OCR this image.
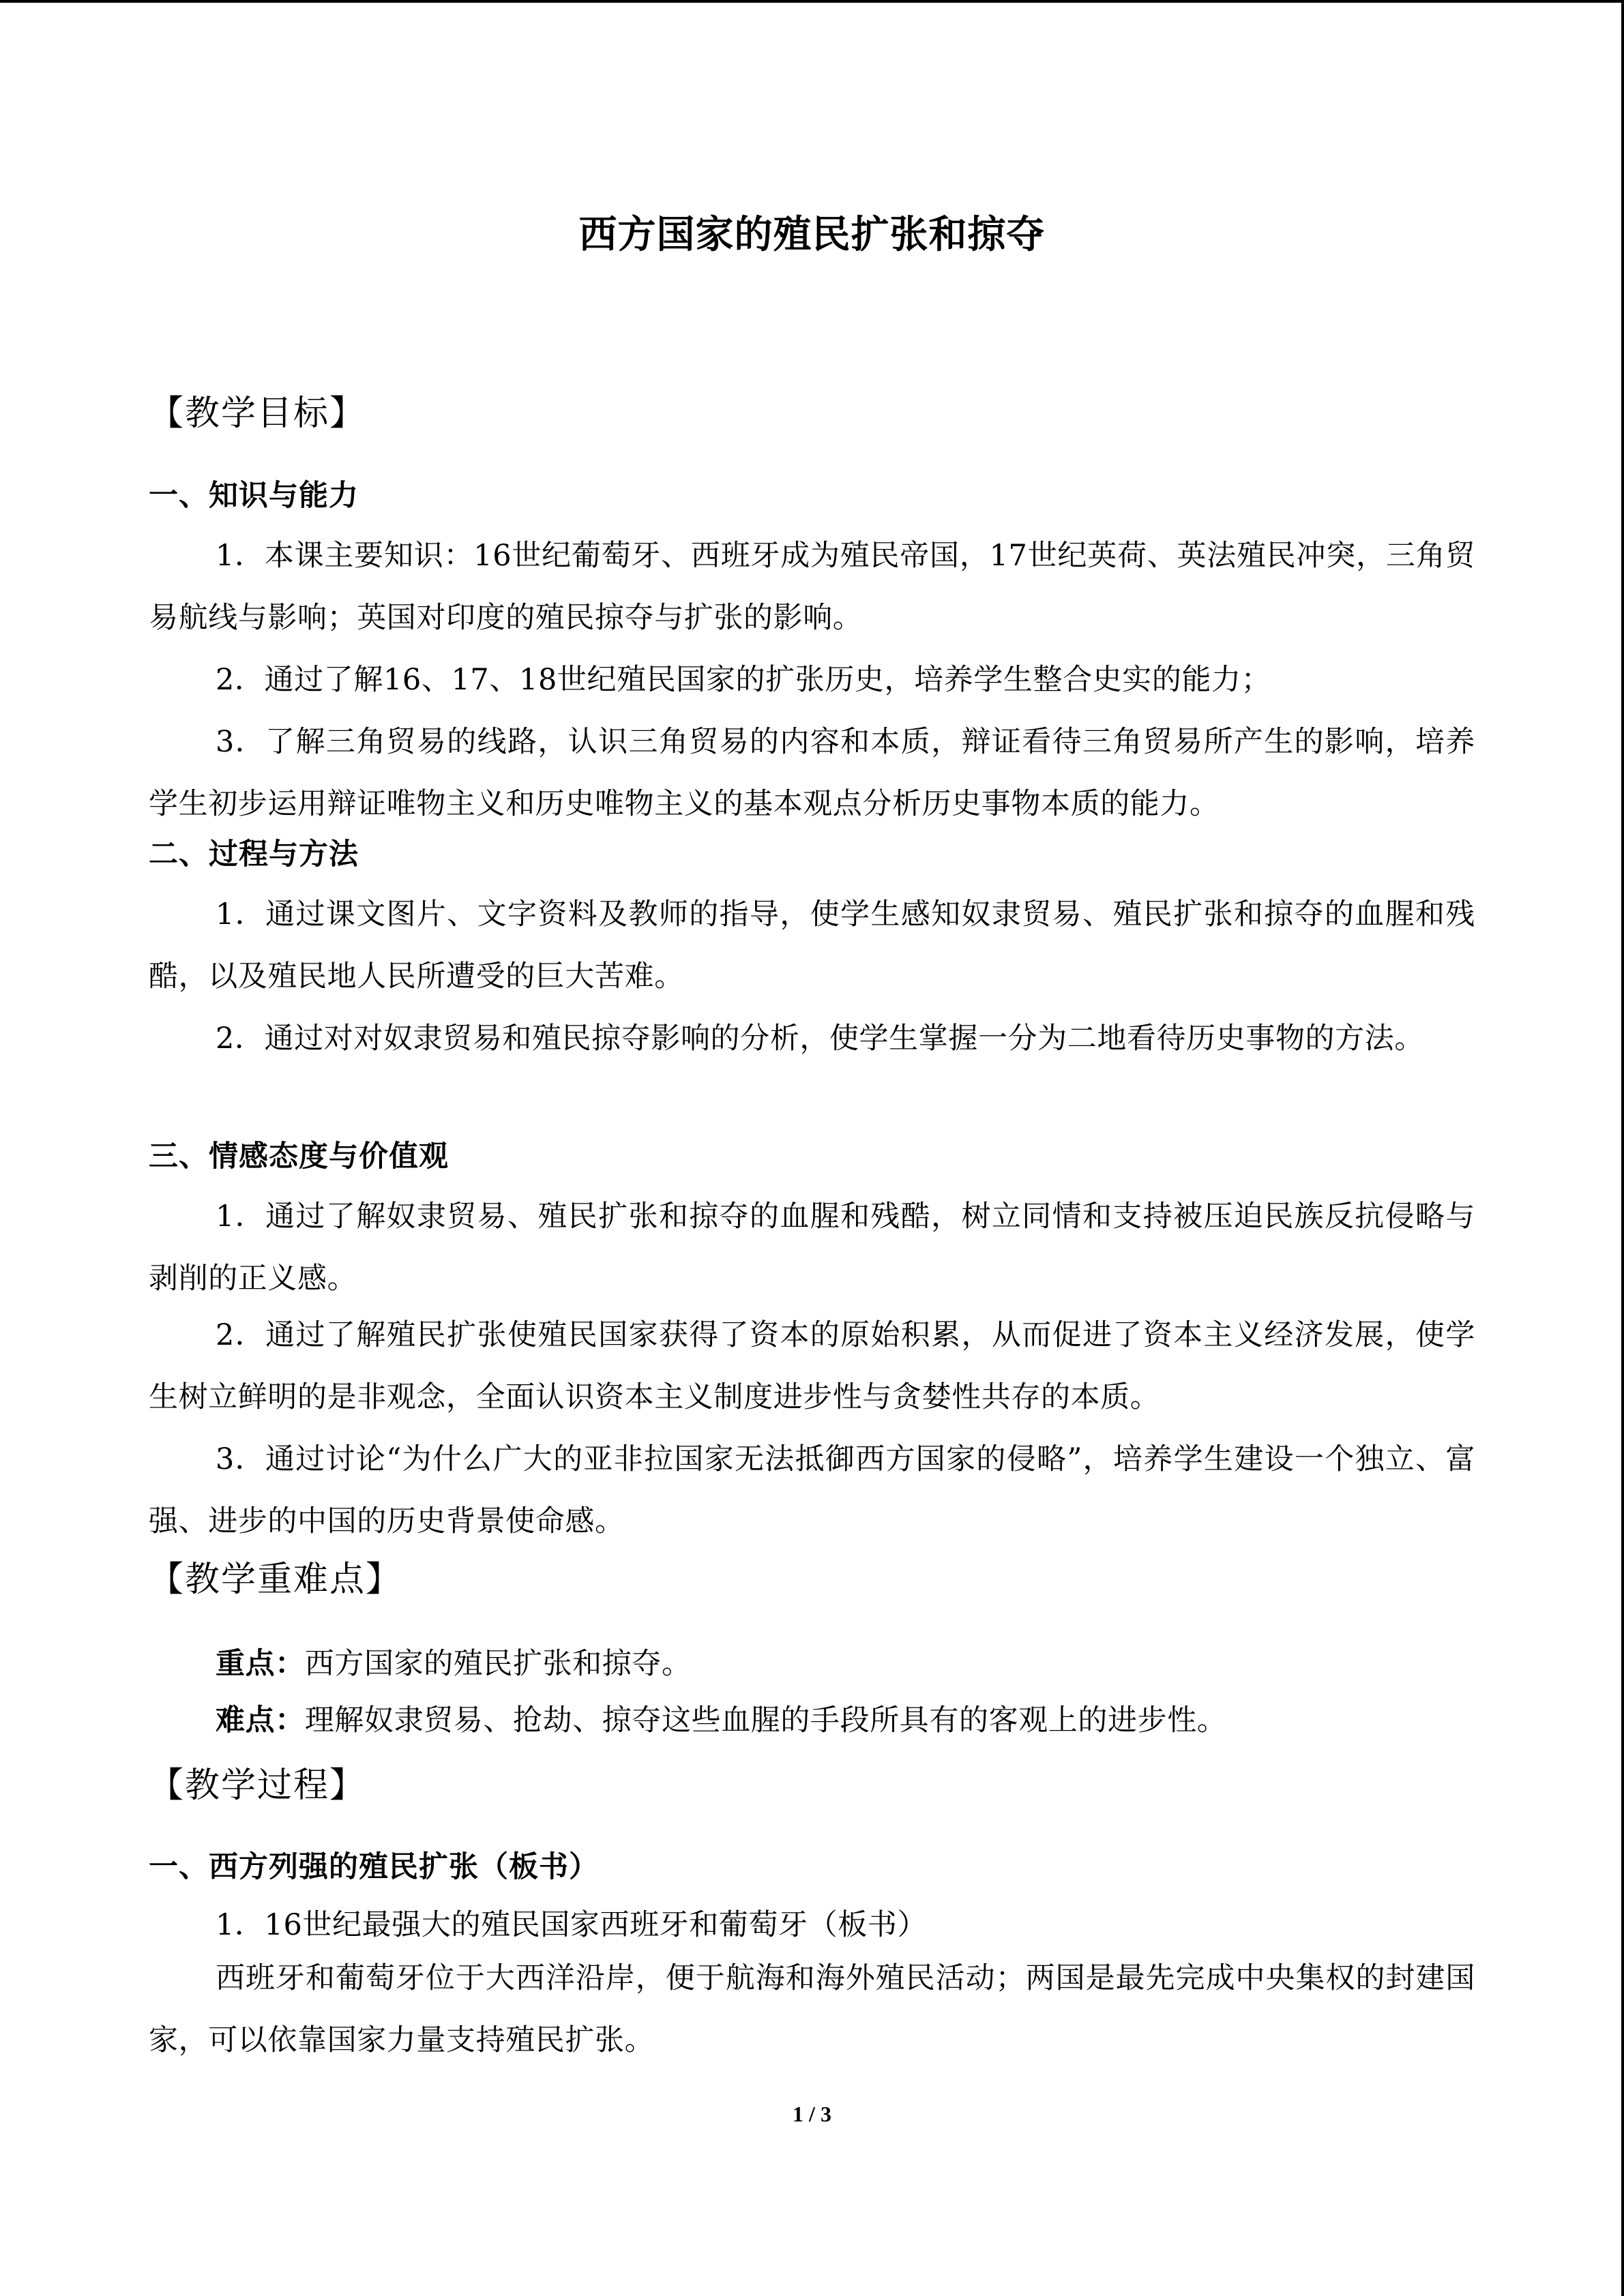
西方国家的殖民扩张和掠夺
【教学目标】
一、知识与能力
1．本课主要知识：16世纪葡萄牙、西班牙成为殖民帝国，17世纪英荷、英法殖民冲突，三角贸易航线与影响；英国对印度的殖民掠夺与扩张的影响。
2．通过了解16、17、18世纪殖民国家的扩张历史，培养学生整合史实的能力；
3．了解三角贸易的线路，认识三角贸易的内容和本质，辩证看待三角贸易所产生的影响，培养学生初步运用辩证唯物主义和历史唯物主义的基本观点分析历史事物本质的能力。
二、过程与方法
1．通过课文图片、文字资料及教师的指导，使学生感知奴隶贸易、殖民扩张和掠夺的血腥和残酷，以及殖民地人民所遭受的巨大苦难。
2．通过对对奴隶贸易和殖民掠夺影响的分析，使学生掌握一分为二地看待历史事物的方法。
三、情感态度与价值观
1．通过了解奴隶贸易、殖民扩张和掠夺的血腥和残酷，树立同情和支持被压迫民族反抗侵略与剥削的正义感。
2．通过了解殖民扩张使殖民国家获得了资本的原始积累，从而促进了资本主义经济发展，使学生树立鲜明的是非观念，全面认识资本主义制度进步性与贪婪性共存的本质。
3．通过讨论“为什么广大的亚非拉国家无法抵御西方国家的侵略”，培养学生建设一个独立、富强、进步的中国的历史背景使命感。
【教学重难点】
重点：西方国家的殖民扩张和掠夺。
难点：理解奴隶贸易、抢劫、掠夺这些血腥的手段所具有的客观上的进步性。
【教学过程】
一、西方列强的殖民扩张（板书）
1．16世纪最强大的殖民国家西班牙和葡萄牙（板书）
西班牙和葡萄牙位于大西洋沿岸，便于航海和海外殖民活动；两国是最先完成中央集权的封建国家，可以依靠国家力量支持殖民扩张。
1 / 3
